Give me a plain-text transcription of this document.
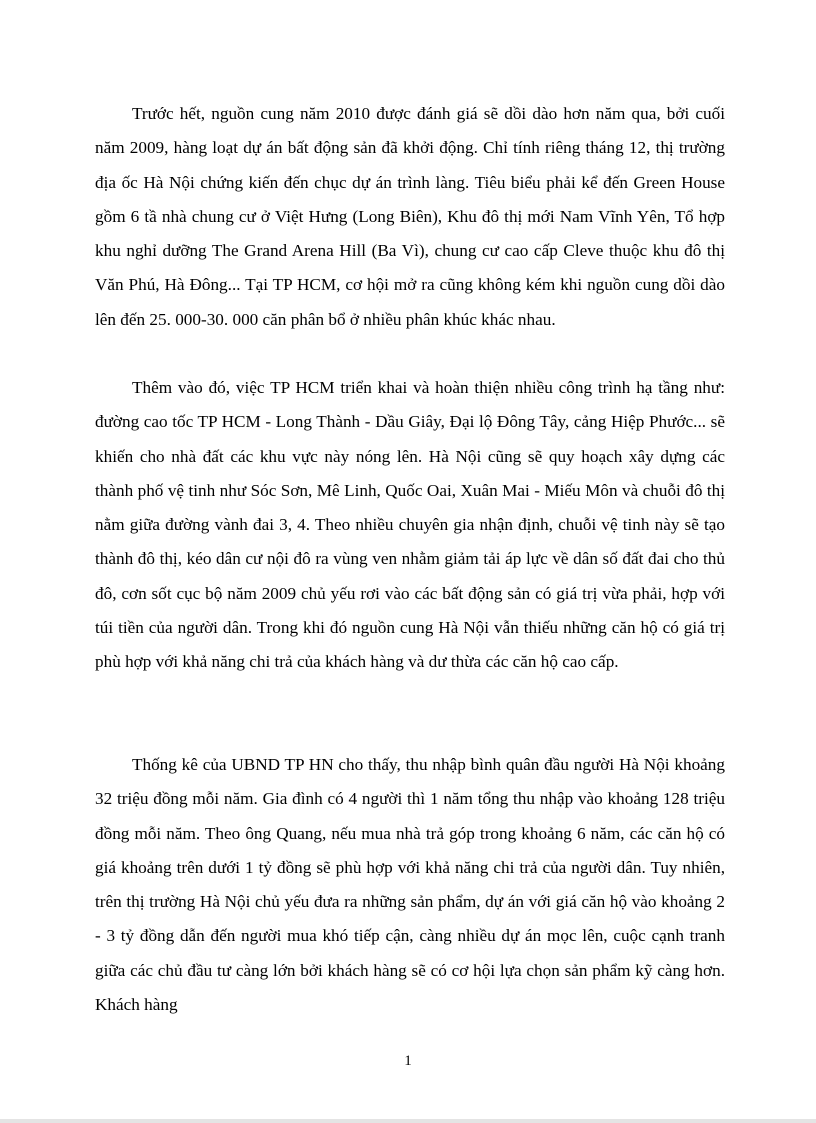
Trước hết, nguồn cung năm 2010 được đánh giá sẽ dồi dào hơn năm qua, bởi cuối năm 2009, hàng loạt dự án bất động sản đã khởi động. Chỉ tính riêng tháng 12, thị trường địa ốc Hà Nội chứng kiến đến chục dự án trình làng. Tiêu biểu phải kể đến Green House gồm 6 tầ nhà chung cư ở Việt Hưng (Long Biên), Khu đô thị mới Nam Vĩnh Yên, Tổ hợp khu nghỉ dưỡng The Grand Arena Hill (Ba Vì), chung cư cao cấp Cleve thuộc khu đô thị Văn Phú, Hà Đông... Tại TP HCM, cơ hội mở ra cũng không kém khi nguồn cung dồi dào lên đến 25. 000-30. 000 căn phân bổ ở nhiều phân khúc khác nhau.

Thêm vào đó, việc TP HCM triển khai và hoàn thiện nhiều công trình hạ tầng như: đường cao tốc TP HCM - Long Thành - Dầu Giây, Đại lộ Đông Tây, cảng Hiệp Phước... sẽ khiến cho nhà đất các khu vực này nóng lên. Hà Nội cũng sẽ quy hoạch xây dựng các thành phố vệ tinh như Sóc Sơn, Mê Linh, Quốc Oai, Xuân Mai - Miếu Môn và chuỗi đô thị nằm giữa đường vành đai 3, 4. Theo nhiều chuyên gia nhận định, chuỗi vệ tinh này sẽ tạo thành đô thị, kéo dân cư nội đô ra vùng ven nhằm giảm tải áp lực về dân số đất đai cho thủ đô, cơn sốt cục bộ năm 2009 chủ yếu rơi vào các bất động sản có giá trị vừa phải, hợp với túi tiền của người dân. Trong khi đó nguồn cung Hà Nội vẫn thiếu những căn hộ có giá trị phù hợp với khả năng chi trả của khách hàng và dư thừa các căn hộ cao cấp.

Thống kê của UBND TP HN cho thấy, thu nhập bình quân đầu người Hà Nội khoảng 32 triệu đồng mỗi năm. Gia đình có 4 người thì 1 năm tổng thu nhập vào khoảng 128 triệu đồng mỗi năm. Theo ông Quang, nếu mua nhà trả góp trong khoảng 6 năm, các căn hộ có giá khoảng trên dưới 1 tỷ đồng sẽ phù hợp với khả năng chi trả của người dân. Tuy nhiên, trên thị trường Hà Nội chủ yếu đưa ra những sản phẩm, dự án với giá căn hộ vào khoảng 2 - 3 tỷ đồng dẫn đến người mua khó tiếp cận, càng nhiều dự án mọc lên, cuộc cạnh tranh giữa các chủ đầu tư càng lớn bởi khách hàng sẽ có cơ hội lựa chọn sản phẩm kỹ càng hơn. Khách hàng

1
